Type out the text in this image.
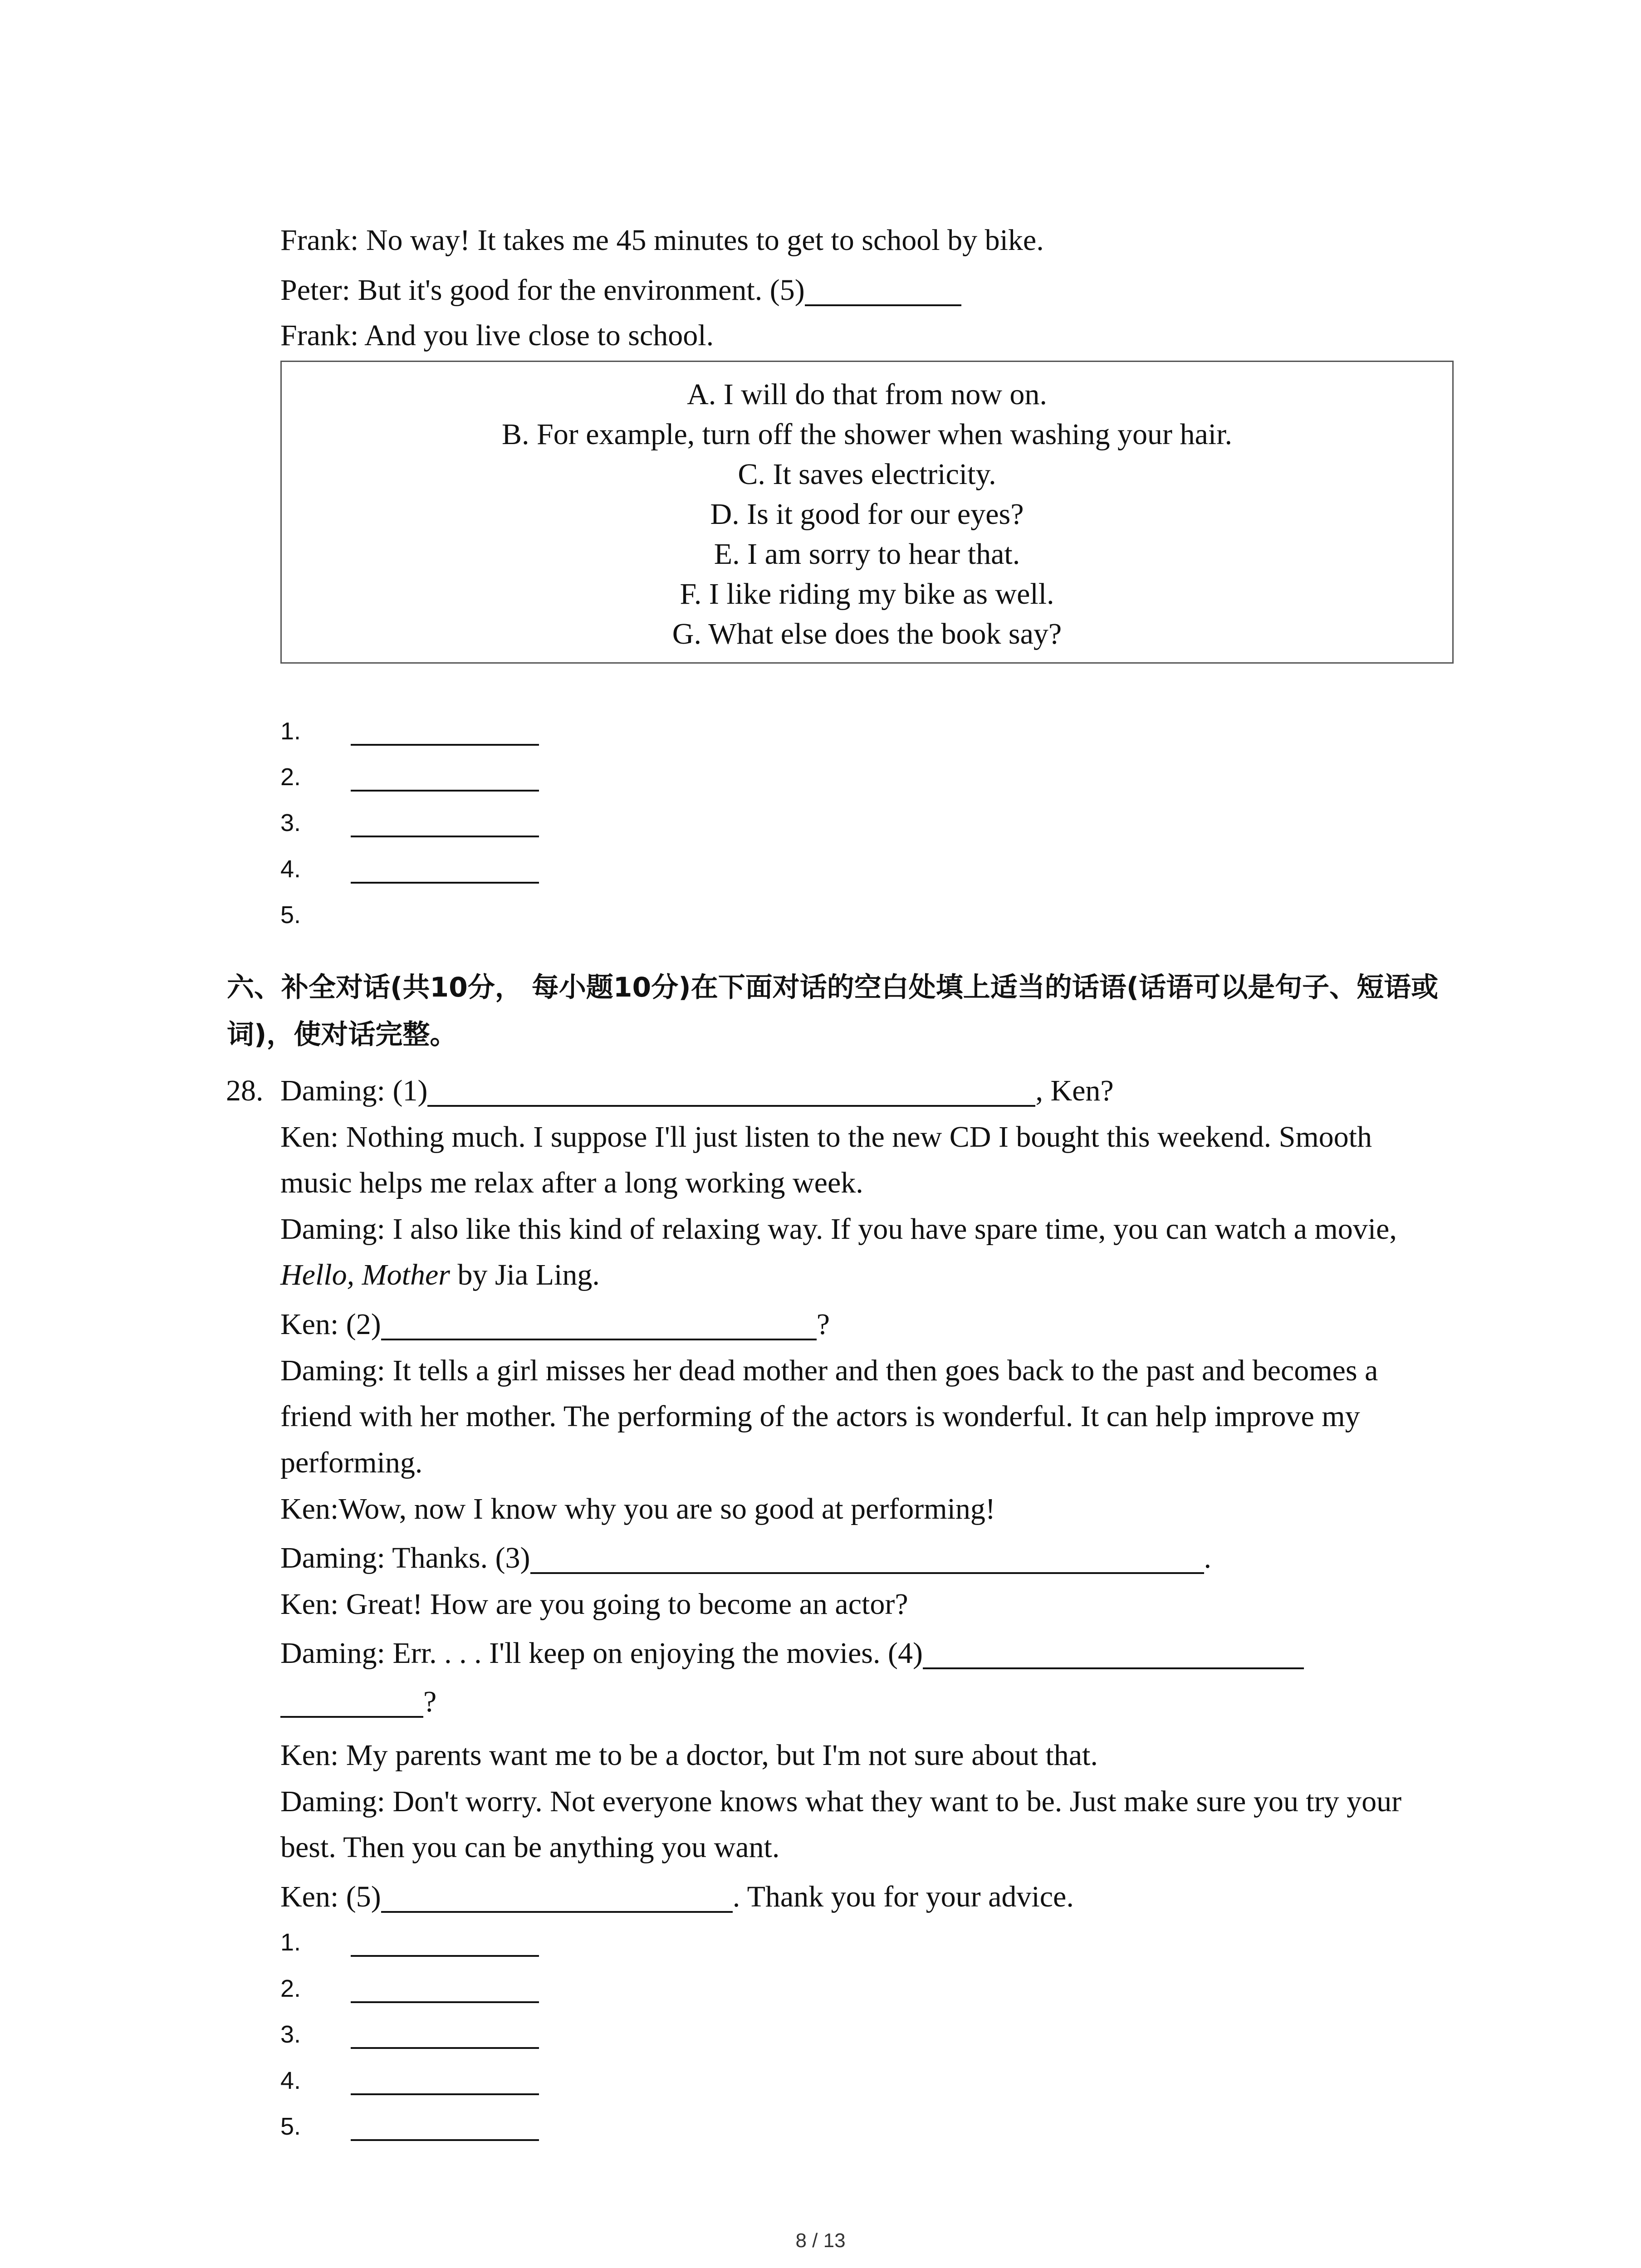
Frank: No way! It takes me 45 minutes to get to school by bike.
Peter: But it's good for the environment. (5)
Frank: And you live close to school.
A. I will do that from now on.
B. For example, turn off the shower when washing your hair.
C. It saves electricity.
D. Is it good for our eyes?
E. I am sorry to hear that.
F. I like riding my bike as well.
G. What else does the book say?
1.
2.
3.
4.
5.
六、补全对话(共10分， 每小题10分)在下面对话的空白处填上适当的话语(话语可以是句子、短语或词)，使对话完整。
28. Daming: (1)	, Ken?
Ken: Nothing much. I suppose I'll just listen to the new CD I bought this weekend. Smooth
music helps me relax after a long working week.
Daming: I also like this kind of relaxing way. If you have spare time, you can watch a movie,
Hello, Mother by Jia Ling.
Ken: (2)	?
Daming: It tells a girl misses her dead mother and then goes back to the past and becomes a
friend with her mother. The performing of the actors is wonderful. It can help improve my
performing.
Ken:Wow, now I know why you are so good at performing!
Daming: Thanks. (3)	.
Ken: Great! How are you going to become an actor?
Daming: Err. . . . I'll keep on enjoying the movies. (4)
?
Ken: My parents want me to be a doctor, but I'm not sure about that.
Daming: Don't worry. Not everyone knows what they want to be. Just make sure you try your
best. Then you can be anything you want.
Ken: (5)	. Thank you for your advice.
1.
2.
3.
4.
5.
8 / 13
